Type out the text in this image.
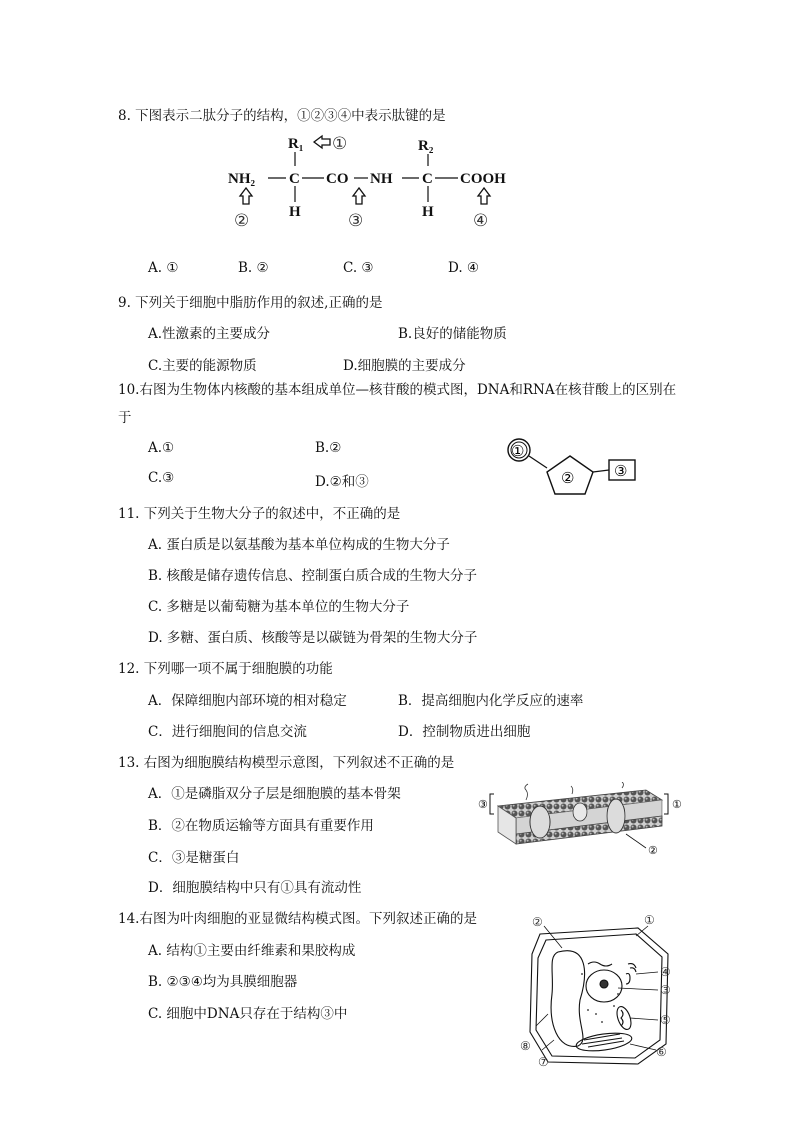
8. 下图表示二肽分子的结构，①②③④中表示肽键的是
R₁	R₂
NH₂ C CO NH C COOH
H	H
①
②	③	④
A. ①	B. ②	C. ③	D. ④
9. 下列关于细胞中脂肪作用的叙述,正确的是
A.性激素的主要成分	B.良好的储能物质
C.主要的能源物质	D.细胞膜的主要成分
10.右图为生物体内核酸的基本组成单位—核苷酸的模式图，DNA和RNA在核苷酸上的区别在
于
A.①	B.②
C.③	D.②和③
①
②	③
11. 下列关于生物大分子的叙述中，不正确的是
A. 蛋白质是以氨基酸为基本单位构成的生物大分子
B. 核酸是储存遗传信息、控制蛋白质合成的生物大分子
C. 多糖是以葡萄糖为基本单位的生物大分子
D. 多糖、蛋白质、核酸等是以碳链为骨架的生物大分子
12. 下列哪一项不属于细胞膜的功能
A．保障细胞内部环境的相对稳定	B．提高细胞内化学反应的速率
C．进行细胞间的信息交流	D．控制物质进出细胞
13. 右图为细胞膜结构模型示意图，下列叙述不正确的是
A．①是磷脂双分子层是细胞膜的基本骨架
B．②在物质运输等方面具有重要作用
C．③是糖蛋白
D．细胞膜结构中只有①具有流动性
③	①
②
14.右图为叶肉细胞的亚显微结构模式图。下列叙述正确的是
A. 结构①主要由纤维素和果胶构成
B. ②③④均为具膜细胞器
C. 细胞中DNA只存在于结构③中
②	①
④
③
⑤
⑥
⑧
⑦
